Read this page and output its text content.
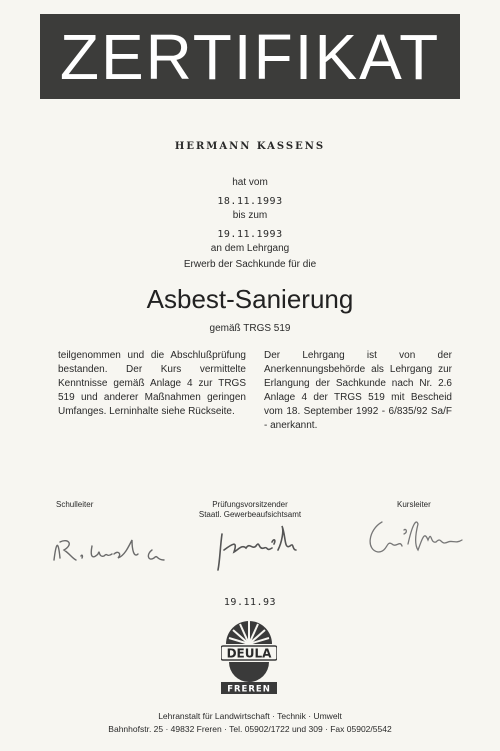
ZERTIFIKAT
HERMANN KASSENS
hat vom
18.11.1993
bis zum
19.11.1993
an dem Lehrgang
Erwerb der Sachkunde für die
Asbest-Sanierung
gemäß TRGS 519
teilgenommen und die Abschlußprüfung bestanden. Der Kurs vermittelte Kenntnisse gemäß Anlage 4 zur TRGS 519 und anderer Maßnahmen geringen Umfanges. Lerninhalte siehe Rückseite.
Der Lehrgang ist von der Anerkennungsbehörde als Lehrgang zur Erlangung der Sachkunde nach Nr. 2.6 Anlage 4 der TRGS 519 mit Bescheid vom 18. September 1992 - 6/835/92 Sa/F - anerkannt.
Schulleiter	Prüfungsvorsitzender
Staatl. Gewerbeaufsichtsamt
Kursleiter
19.11.93
DEULA
FREREN
Lehranstalt für Landwirtschaft · Technik · Umwelt
Bahnhofstr. 25 · 49832 Freren · Tel. 05902/1722 und 309 · Fax 05902/5542
